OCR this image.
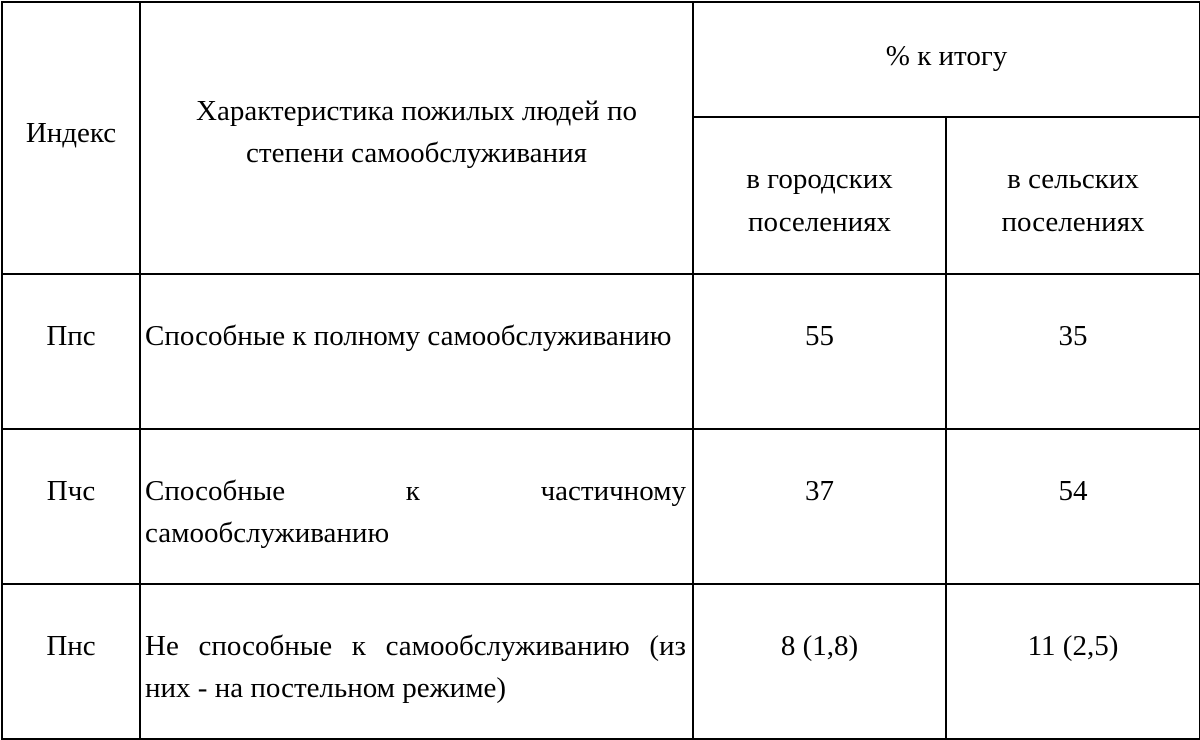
Индекс	Характеристика пожилых людей по степени самообслуживания	% к итогу	

		в городских поселениях	в сельских поселениях

Ппс	Способные к полному самообслуживанию	55	35

Пчс	Способные к частичному самообслуживанию	37	54

Пнс	Не способные к самообслуживанию (из них - на постельном режиме)	8 (1,8)	11 (2,5)
